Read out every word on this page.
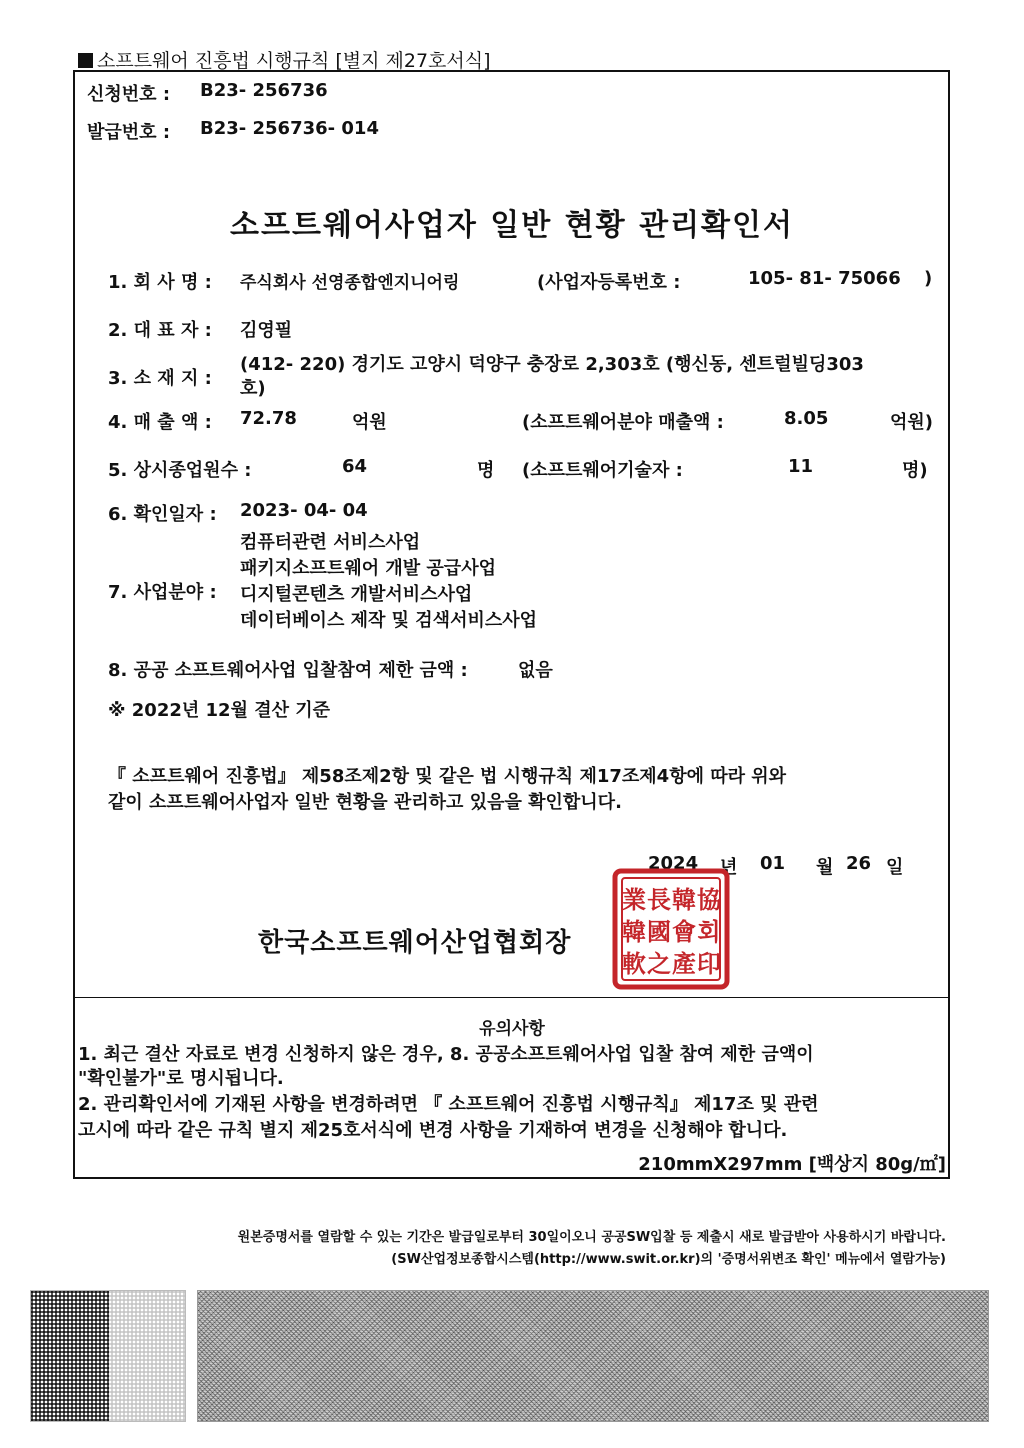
소프트웨어 진흥법 시행규칙 [별지 제27호서식]
신청번호 : B23- 256736
발급번호 : B23- 256736- 014
소프트웨어사업자 일반 현황 관리확인서
1. 회 사 명 : 주식회사 선영종합엔지니어링	(사업자등록번호 :	105- 81- 75066 )
2. 대 표 자 : 김영필
3. 소 재 지 :
(412- 220) 경기도 고양시 덕양구 충장로 2,303호 (행신동, 센트럴빌딩303
호)
4. 매 출 액 : 72.78	억원	(소프트웨어분야 매출액 :	8.05	억원)
5. 상시종업원수 :	64	명 (소프트웨어기술자 :	11	명)
6. 확인일자 : 2023- 04- 04
7. 사업분야 :
컴퓨터관련 서비스사업
패키지소프트웨어 개발 공급사업
디지털콘텐츠 개발서비스사업
데이터베이스 제작 및 검색서비스사업
8. 공공 소프트웨어사업 입찰참여 제한 금액 :	없음
※ 2022년 12월 결산 기준
『 소프트웨어 진흥법』 제58조제2항 및 같은 법 시행규칙 제17조제4항에 따라 위와
같이 소프트웨어사업자 일반 현황을 관리하고 있음을 확인합니다.
2024 년 01 월 26 일
한국소프트웨어산업협회장
業 長 韓 協
韓 國 會 회
軟 之 產 印
유의사항
1. 최근 결산 자료로 변경 신청하지 않은 경우, 8. 공공소프트웨어사업 입찰 참여 제한 금액이
"확인불가"로 명시됩니다.
2. 관리확인서에 기재된 사항을 변경하려면 『 소프트웨어 진흥법 시행규칙』 제17조 및 관련
고시에 따라 같은 규칙 별지 제25호서식에 변경 사항을 기재하여 변경을 신청해야 합니다.
210mmX297mm [백상지 80g/㎡]
원본증명서를 열람할 수 있는 기간은 발급일로부터 30일이오니 공공SW입찰 등 제출시 새로 발급받아 사용하시기 바랍니다.
(SW산업정보종합시스템(http://www.swit.or.kr)의 '증명서위변조 확인' 메뉴에서 열람가능)
